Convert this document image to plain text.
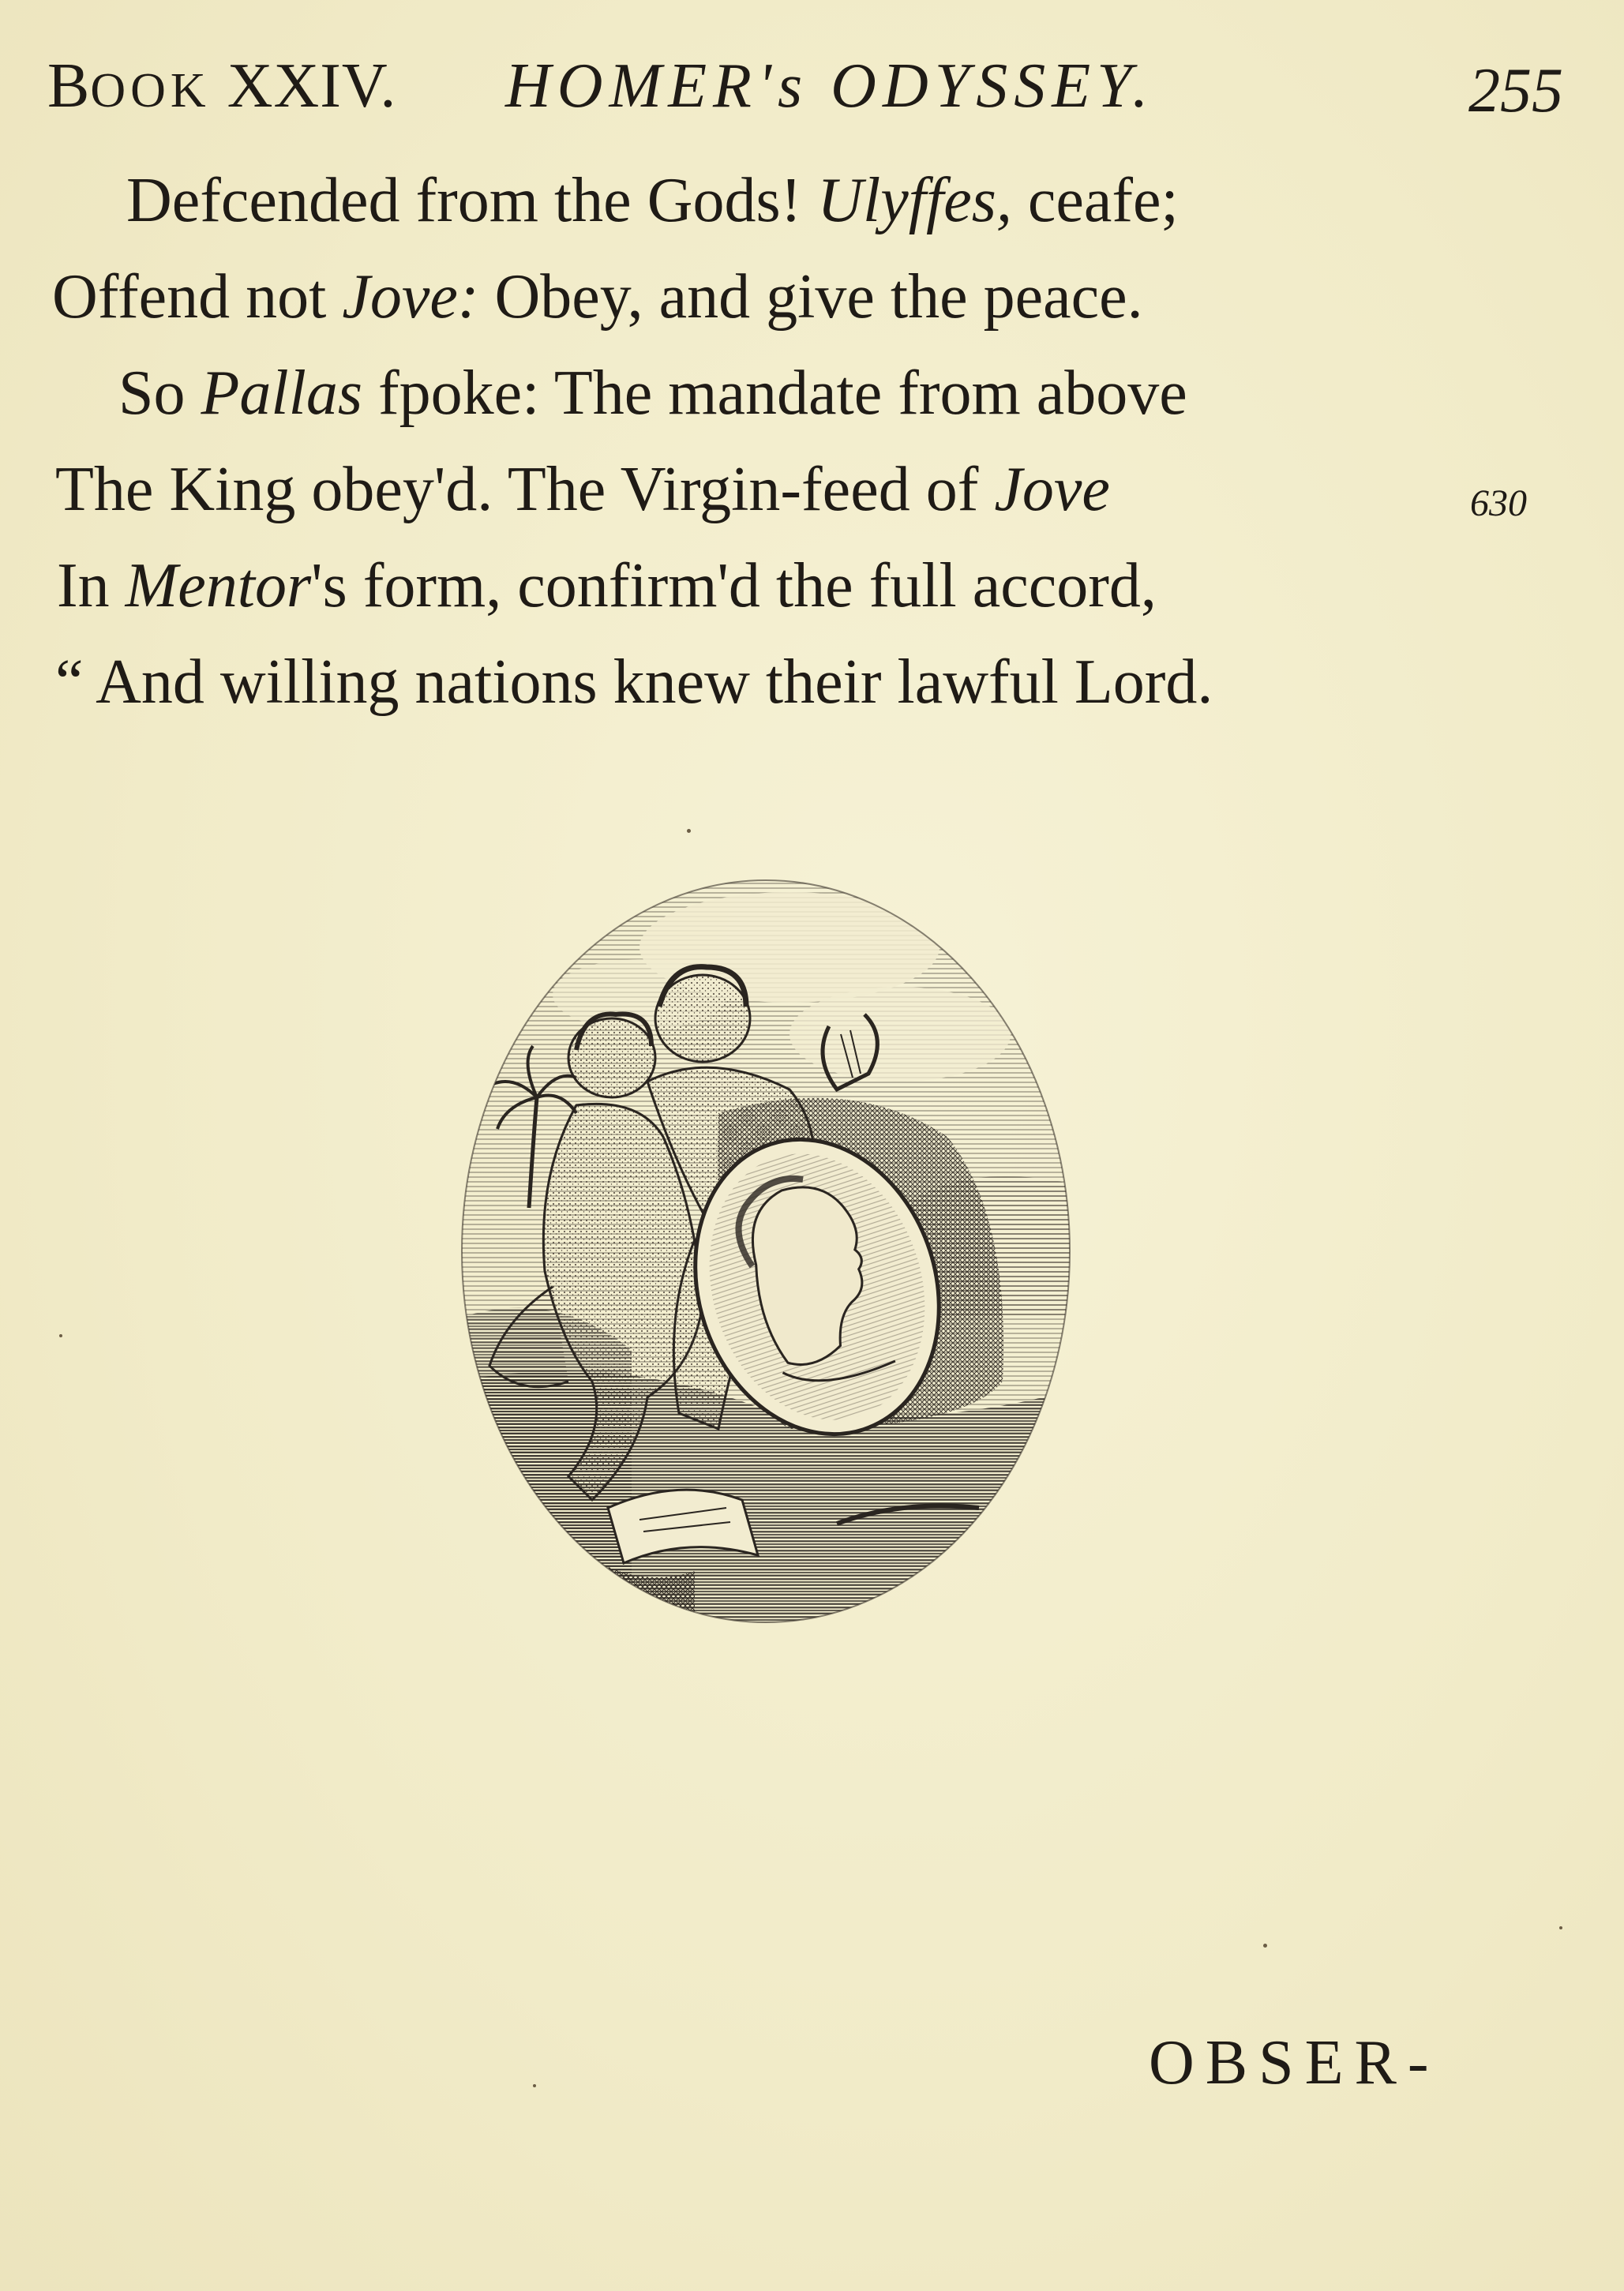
BOOK XXIV. HOMER's ODYSSEY.	255
Defcended from the Gods! Ulyffes, ceafe;
Offend not Jove: Obey, and give the peace.
So Pallas fpoke: The mandate from above
The King obey'd. The Virgin-feed of Jove
In Mentor's form, confirm'd the full accord,
“ And willing nations knew their lawful Lord.
630
OBSER-
